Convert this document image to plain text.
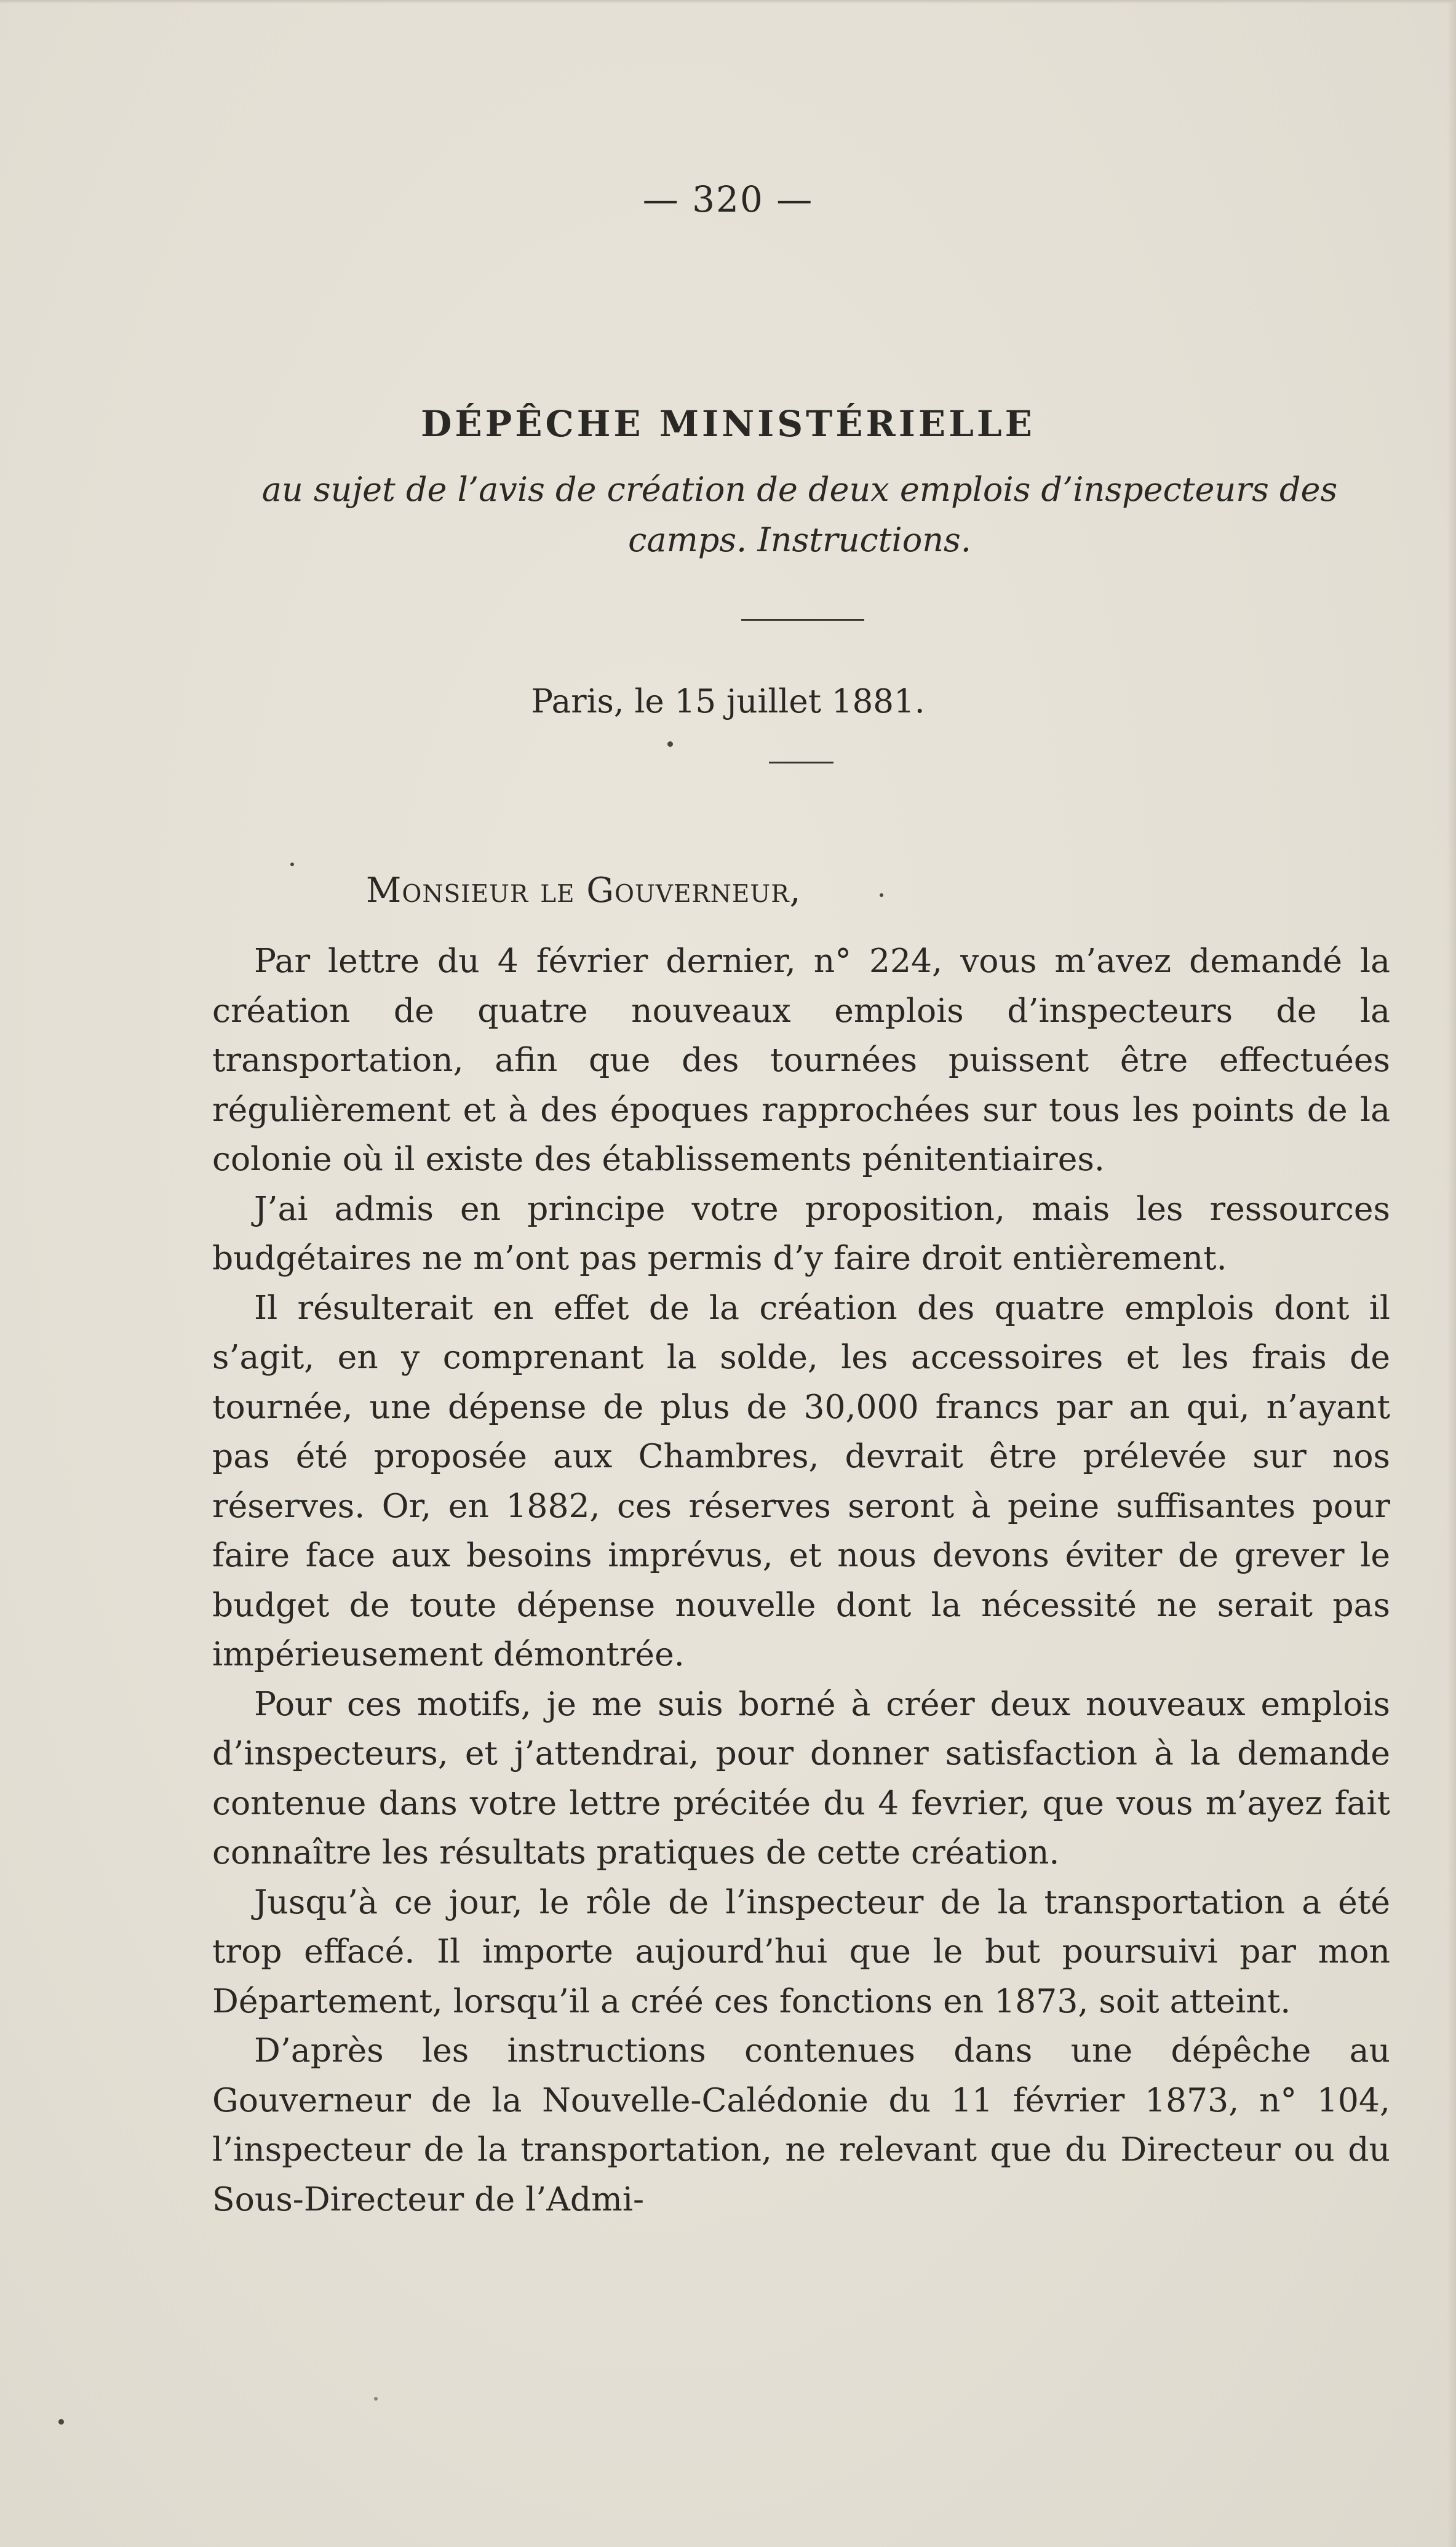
— 320 —
DÉPÊCHE MINISTÉRIELLE
au sujet de l’avis de création de deux emplois d’inspecteurs des camps. Instructions.
Paris, le 15 juillet 1881.
Monsieur le Gouverneur,

Par lettre du 4 février dernier, n° 224, vous m’avez demandé la création de quatre nouveaux emplois d’inspecteurs de la transportation, afin que des tournées puissent être effectuées régulièrement et à des époques rapprochées sur tous les points de la colonie où il existe des établissements pénitentiaires.

J’ai admis en principe votre proposition, mais les ressources budgétaires ne m’ont pas permis d’y faire droit entièrement.

Il résulterait en effet de la création des quatre emplois dont il s’agit, en y comprenant la solde, les accessoires et les frais de tournée, une dépense de plus de 30,000 francs par an qui, n’ayant pas été proposée aux Chambres, devrait être prélevée sur nos réserves. Or, en 1882, ces réserves seront à peine suffisantes pour faire face aux besoins imprévus, et nous devons éviter de grever le budget de toute dépense nouvelle dont la nécessité ne serait pas impérieusement démontrée.

Pour ces motifs, je me suis borné à créer deux nouveaux emplois d’inspecteurs, et j’attendrai, pour donner satisfaction à la demande contenue dans votre lettre précitée du 4 fevrier, que vous m’ayez fait connaître les résultats pratiques de cette création.

Jusqu’à ce jour, le rôle de l’inspecteur de la transportation a été trop effacé. Il importe aujourd’hui que le but poursuivi par mon Département, lorsqu’il a créé ces fonctions en 1873, soit atteint.

D’après les instructions contenues dans une dépêche au Gouverneur de la Nouvelle-Calédonie du 11 février 1873, n° 104, l’inspecteur de la transportation, ne relevant que du Directeur ou du Sous-Directeur de l’Admi-
